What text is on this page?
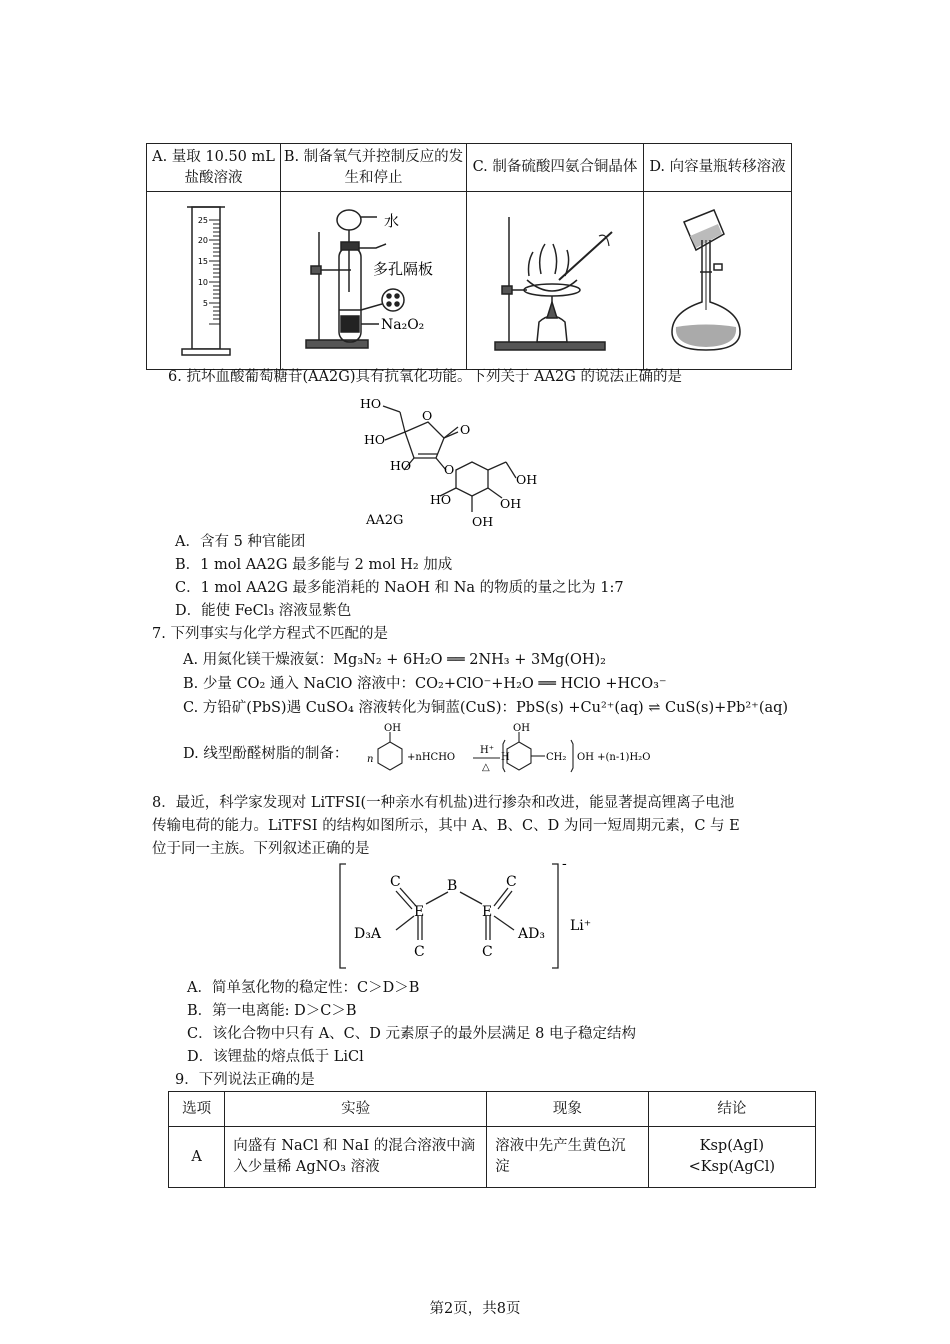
A. 量取 10.50 mL 盐酸溶液	B. 制备氧气并控制反应的发生和停止	C. 制备硫酸四氨合铜晶体	D. 向容量瓶转移溶液

25
20
15
10
5	水
多孔隔板
Na₂O₂

6. 抗坏血酸葡萄糖苷(AA2G)具有抗氧化功能。下列关于 AA2G 的说法正确的是
HO
HO
O
O
HO	O
OH
HO	OH
OH
AA2G
A．含有 5 种官能团
B．1 mol AA2G 最多能与 2 mol H₂ 加成
C．1 mol AA2G 最多能消耗的 NaOH 和 Na 的物质的量之比为 1:7
D．能使 FeCl₃ 溶液显紫色
7. 下列事实与化学方程式不匹配的是
A. 用氮化镁干燥液氨：Mg₃N₂ + 6H₂O ══ 2NH₃ + 3Mg(OH)₂
B. 少量 CO₂ 通入 NaClO 溶液中：CO₂+ClO⁻+H₂O ══ HClO +HCO₃⁻
C. 方铅矿(PbS)遇 CuSO₄ 溶液转化为铜蓝(CuS)：PbS(s) +Cu²⁺(aq) ⇌ CuS(s)+Pb²⁺(aq)
D. 线型酚醛树脂的制备：
OH
n	+nHCHO
H⁺
△
H
OH
CH₂ OH +(n-1)H₂O
8．最近，科学家发现对 LiTFSI(一种亲水有机盐)进行掺杂和改进，能显著提高锂离子电池
传输电荷的能力。LiTFSI 的结构如图所示，其中 A、B、C、D 为同一短周期元素，C 与 E
位于同一主族。下列叙述正确的是
C	B	C
E	E
D₃A	AD₃
C	C
-
Li⁺
A．简单氢化物的稳定性：C＞D＞B
B．第一电离能: D＞C＞B
C．该化合物中只有 A、C、D 元素原子的最外层满足 8 电子稳定结构
D．该锂盐的熔点低于 LiCl
9．下列说法正确的是
选项	实验	现象	结论
A	向盛有 NaCl 和 NaI 的混合溶液中滴入少量稀 AgNO₃ 溶液	溶液中先产生黄色沉淀	Ksp(AgI)<Ksp(AgCl)
第2页，共8页
